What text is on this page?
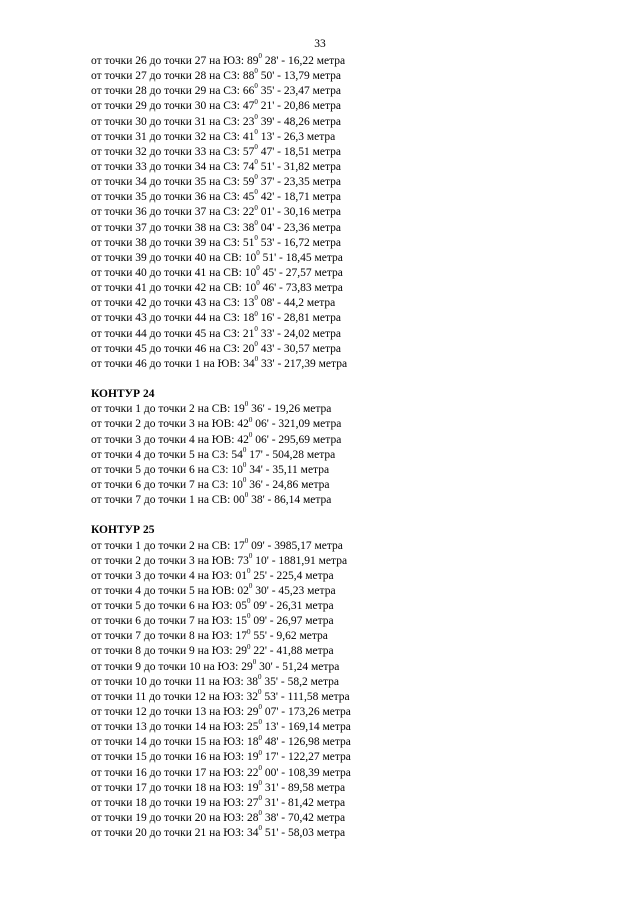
33
от точки 26 до точки 27 на ЮЗ: $89^0$ 28' - 16,22 метра
от точки 27 до точки 28 на СЗ: $88^0$ 50' - 13,79 метра
от точки 28 до точки 29 на СЗ: $66^0$ 35' - 23,47 метра
от точки 29 до точки 30 на СЗ: $47^0$ 21' - 20,86 метра
от точки 30 до точки 31 на СЗ: $23^0$ 39' - 48,26 метра
от точки 31 до точки 32 на СЗ: $41^0$ 13' - 26,3 метра
от точки 32 до точки 33 на СЗ: $57^0$ 47' - 18,51 метра
от точки 33 до точки 34 на СЗ: $74^0$ 51' - 31,82 метра
от точки 34 до точки 35 на СЗ: $59^0$ 37' - 23,35 метра
от точки 35 до точки 36 на СЗ: $45^0$ 42' - 18,71 метра
от точки 36 до точки 37 на СЗ: $22^0$ 01' - 30,16 метра
от точки 37 до точки 38 на СЗ: $38^0$ 04' - 23,36 метра
от точки 38 до точки 39 на СЗ: $51^0$ 53' - 16,72 метра
от точки 39 до точки 40 на СВ: $10^0$ 51' - 18,45 метра
от точки 40 до точки 41 на СВ: $10^0$ 45' - 27,57 метра
от точки 41 до точки 42 на СВ: $10^0$ 46' - 73,83 метра
от точки 42 до точки 43 на СЗ: $13^0$ 08' - 44,2 метра
от точки 43 до точки 44 на СЗ: $18^0$ 16' - 28,81 метра
от точки 44 до точки 45 на СЗ: $21^0$ 33' - 24,02 метра
от точки 45 до точки 46 на СЗ: $20^0$ 43' - 30,57 метра
от точки 46 до точки 1 на ЮВ: $34^0$ 33' - 217,39 метра
КОНТУР 24
от точки 1 до точки 2 на СВ: $19^0$ 36' - 19,26 метра
от точки 2 до точки 3 на ЮВ: $42^0$ 06' - 321,09 метра
от точки 3 до точки 4 на ЮВ: $42^0$ 06' - 295,69 метра
от точки 4 до точки 5 на СЗ: $54^0$ 17' - 504,28 метра
от точки 5 до точки 6 на СЗ: $10^0$ 34' - 35,11 метра
от точки 6 до точки 7 на СЗ: $10^0$ 36' - 24,86 метра
от точки 7 до точки 1 на СВ: $00^0$ 38' - 86,14 метра
КОНТУР 25
от точки 1 до точки 2 на СВ: $17^0$ 09' - 3985,17 метра
от точки 2 до точки 3 на ЮВ: $73^0$ 10' - 1881,91 метра
от точки 3 до точки 4 на ЮЗ: $01^0$ 25' - 225,4 метра
от точки 4 до точки 5 на ЮВ: $02^0$ 30' - 45,23 метра
от точки 5 до точки 6 на ЮЗ: $05^0$ 09' - 26,31 метра
от точки 6 до точки 7 на ЮЗ: $15^0$ 09' - 26,97 метра
от точки 7 до точки 8 на ЮЗ: $17^0$ 55' - 9,62 метра
от точки 8 до точки 9 на ЮЗ: $29^0$ 22' - 41,88 метра
от точки 9 до точки 10 на ЮЗ: $29^0$ 30' - 51,24 метра
от точки 10 до точки 11 на ЮЗ: $38^0$ 35' - 58,2 метра
от точки 11 до точки 12 на ЮЗ: $32^0$ 53' - 111,58 метра
от точки 12 до точки 13 на ЮЗ: $29^0$ 07' - 173,26 метра
от точки 13 до точки 14 на ЮЗ: $25^0$ 13' - 169,14 метра
от точки 14 до точки 15 на ЮЗ: $18^0$ 48' - 126,98 метра
от точки 15 до точки 16 на ЮЗ: $19^0$ 17' - 122,27 метра
от точки 16 до точки 17 на ЮЗ: $22^0$ 00' - 108,39 метра
от точки 17 до точки 18 на ЮЗ: $19^0$ 31' - 89,58 метра
от точки 18 до точки 19 на ЮЗ: $27^0$ 31' - 81,42 метра
от точки 19 до точки 20 на ЮЗ: $28^0$ 38' - 70,42 метра
от точки 20 до точки 21 на ЮЗ: $34^0$ 51' - 58,03 метра
